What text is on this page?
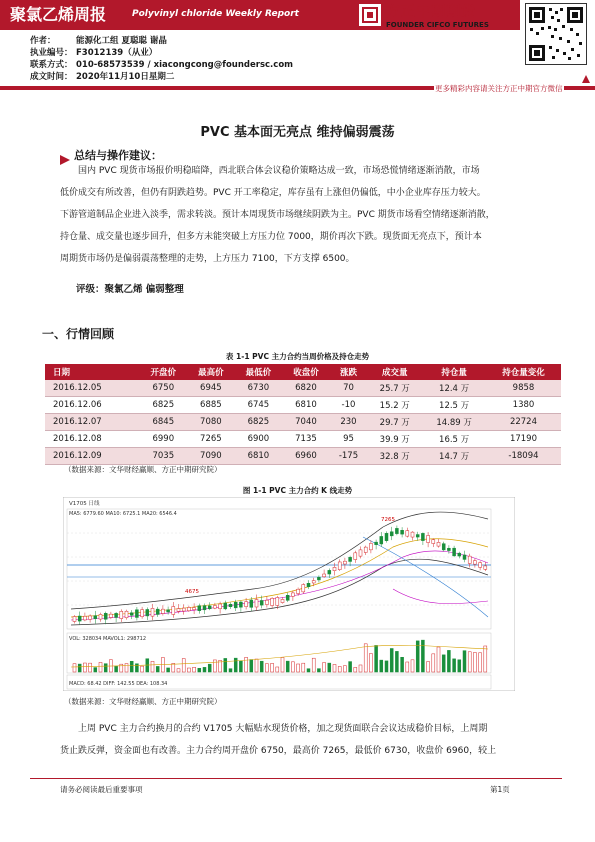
聚氯乙烯周报	Polyvinyl chloride Weekly Report	方正中期期货
FOUNDER CIFCO FUTURES
作者： 能源化工组 夏聪聪 谢晶
执业编号： F3012139（从业）
联系方式： 010-68573539 / xiacongcong@foundersc.com
成文时间： 2020年11月10日星期二
更多精彩内容请关注方正中期官方微信
PVC 基本面无亮点 维持偏弱震荡
总结与操作建议：
国内 PVC 现货市场报价明稳暗降，西北联合体会议稳价策略达成一致，市场恐慌情绪逐渐消散，市场
低价成交有所改善，但仍有阴跌趋势。PVC 开工率稳定，库存虽有上涨但仍偏低，中小企业库存压力较大。
下游管道制品企业进入淡季，需求转淡。预计本周现货市场继续阴跌为主。PVC 期货市场看空情绪逐渐消散，
持仓量、成交量也逐步回升，但多方未能突破上方压力位 7000，期价再次下跌。现货面无亮点下，预计本
周期货市场仍是偏弱震荡整理的走势，上方压力 7100，下方支撑 6500。
评级：聚氯乙烯 偏弱整理
一、行情回顾
表 1-1 PVC 主力合约当周价格及持仓走势
日期	开盘价	最高价	最低价	收盘价	涨跌	成交量	持仓量	持仓量变化
2016.12.05	6750	6945	6730	6820	70	25.7 万	12.4 万	9858
2016.12.06	6825	6885	6745	6810	-10	15.2 万	12.5 万	1380
2016.12.07	6845	7080	6825	7040	230	29.7 万	14.89 万	22724
2016.12.08	6990	7265	6900	7135	95	39.9 万	16.5 万	17190
2016.12.09	7035	7090	6810	6960	-175	32.8 万	14.7 万	-18094
（数据来源：文华财经赢顺、方正中期研究院）
图 1-1 PVC 主力合约 K 线走势
V1705 日线
MA5: 6779.60 MA10: 6725.1 MA20: 6546.4
7265
4675
VOL: 328034 MAVOL1: 298712
MACD: 68.42 DIFF: 142.55 DEA: 108.34
（数据来源：文华财经赢顺、方正中期研究院）
上周 PVC 主力合约换月的合约 V1705 大幅贴水现货价格，加之现货面联合会议达成稳价目标，上周期
货止跌反弹，资金面也有改善。主力合约周开盘价 6750，最高价 7265，最低价 6730，收盘价 6960，较上
请务必阅读最后重要事项	第1页
